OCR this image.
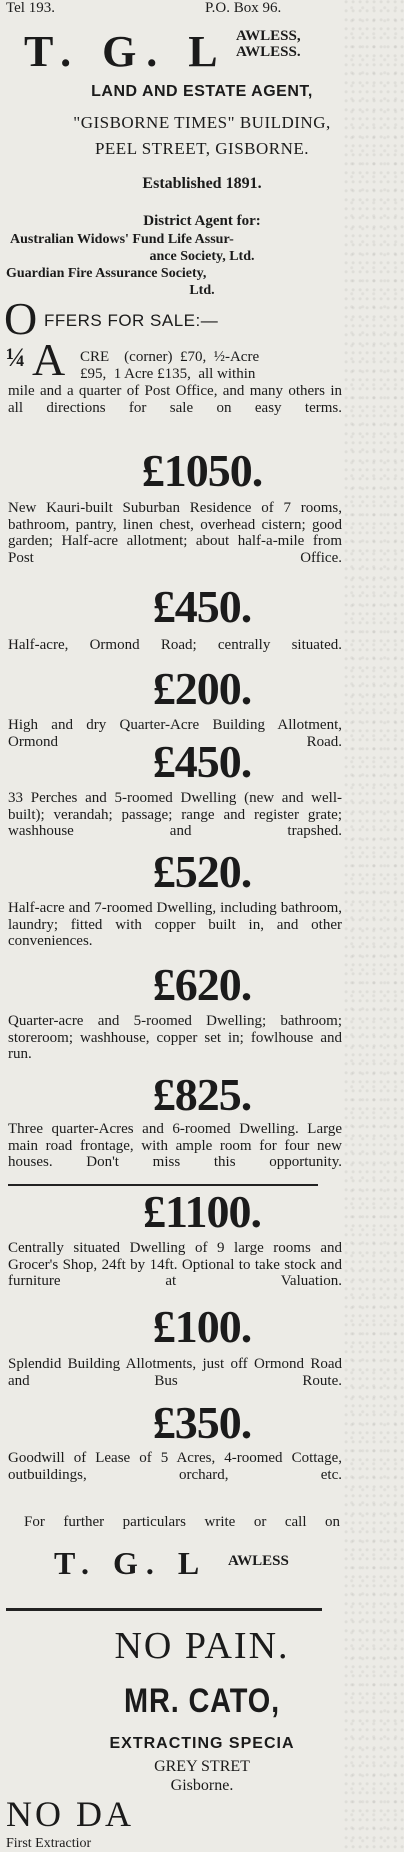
Tel 193.	P.O. Box 96.
T. G. L AWLESS,
AWLESS.
LAND AND ESTATE AGENT,
"GISBORNE TIMES" BUILDING,
PEEL STREET, GISBORNE.
Established 1891.
District Agent for:
Australian Widows' Fund Life Assur-
ance Society, Ltd.
Guardian Fire Assurance Society,
Ltd.
O FFERS FOR SALE:—
¼ A CRE    (corner)  £70,  ½-Acre
£95,  1 Acre £135,  all within
mile and a quarter of Post Office, and many others in all directions for sale on easy terms.
£1050.
New Kauri-built Suburban Residence of 7 rooms, bathroom, pantry, linen chest, overhead cistern; good garden; Half-acre allotment; about half-a-mile from Post Office.
£450.
Half-acre, Ormond Road; centrally situated.
£200.
High and dry Quarter-Acre Building Allotment, Ormond Road.
£450.
33 Perches and 5-roomed Dwelling (new and well-built); verandah; passage; range and register grate; washhouse and trapshed.
£520.
Half-acre and 7-roomed Dwelling, including bathroom, laundry; fitted with copper built in, and other conveniences.
£620.
Quarter-acre and 5-roomed Dwelling; bathroom; storeroom; washhouse, copper set in; fowlhouse and run.
£825.
Three quarter-Acres and 6-roomed Dwelling. Large main road frontage, with ample room for four new houses. Don't miss this opportunity.
£1100.
Centrally situated Dwelling of 9 large rooms and Grocer's Shop, 24ft by 14ft. Optional to take stock and furniture at Valuation.
£100.
Splendid Building Allotments, just off Ormond Road and Bus Route.
£350.
Goodwill of Lease of 5 Acres, 4-roomed Cottage, outbuildings, orchard, etc.
For further particulars write or call on
T. G. L AWLESS
NO PAIN.
MR. CATO,
EXTRACTING SPECIA
GREY STRET
Gisborne.
NO DA
First Extractior
